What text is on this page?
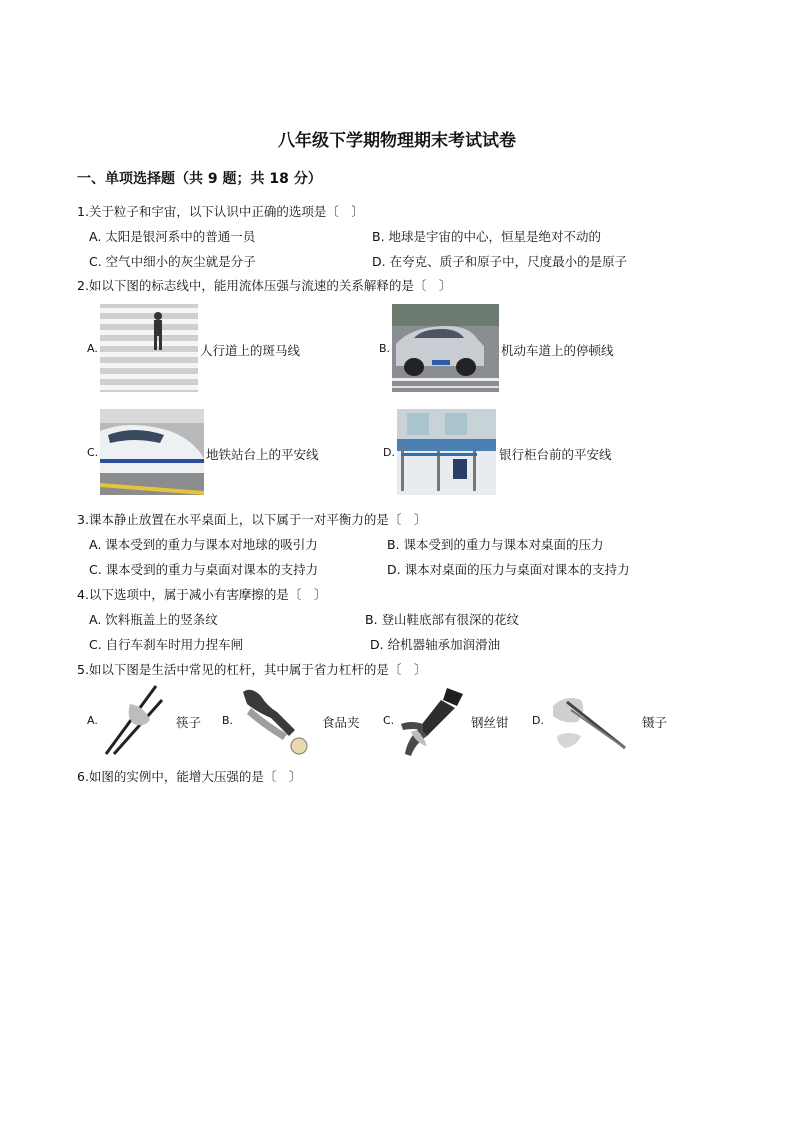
八年级下学期物理期末考试试卷
一、单项选择题（共 9 题；共 18 分）
1.关于粒子和宇宙，以下认识中正确的选项是〔　〕
A. 太阳是银河系中的普通一员	B. 地球是宇宙的中心，恒星是绝对不动的
C. 空气中细小的灰尘就是分子	D. 在夸克、质子和原子中，尺度最小的是原子
2.如以下图的标志线中，能用流体压强与流速的关系解释的是〔　〕
A.	人行道上的斑马线	B.	机动车道上的停顿线
C.	地铁站台上的平安线	D.	银行柜台前的平安线
3.课本静止放置在水平桌面上，以下属于一对平衡力的是〔　〕
A. 课本受到的重力与课本对地球的吸引力	B. 课本受到的重力与课本对桌面的压力
C. 课本受到的重力与桌面对课本的支持力	D. 课本对桌面的压力与桌面对课本的支持力
4.以下选项中，属于减小有害摩擦的是〔　〕
A. 饮料瓶盖上的竖条纹	B. 登山鞋底部有很深的花纹
C. 自行车刹车时用力捏车闸	D. 给机器轴承加润滑油
5.如以下图是生活中常见的杠杆，其中属于省力杠杆的是〔　〕
A.	筷子 B.	食品夹 C.	钢丝钳 D.	镊子
6.如图的实例中，能增大压强的是〔　〕
